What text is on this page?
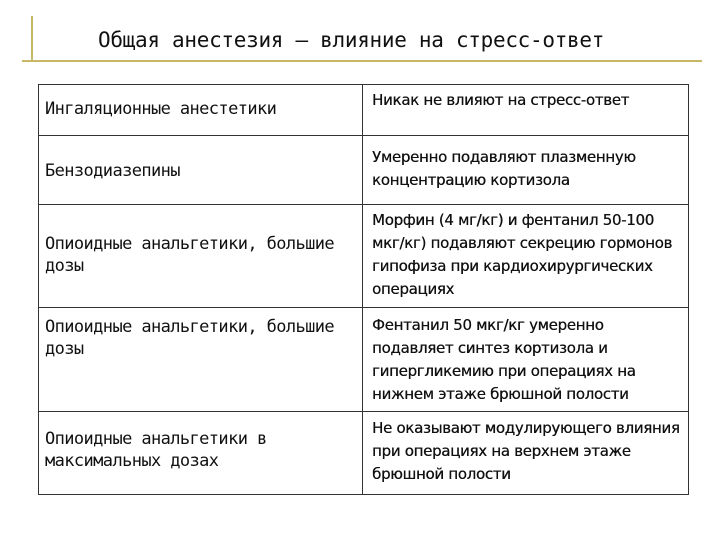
Общая анестезия – влияние на стресс-ответ
Ингаляционные анестетики	Никак не влияют на стресс-ответ

Бензодиазепины	Умеренно подавляют плазменную концентрацию кортизола

Опиоидные анальгетики, большие дозы	Морфин (4 мг/кг) и фентанил 50-100 мкг/кг) подавляют секрецию гормонов гипофиза при кардиохирургических операциях

Опиоидные анальгетики, большие дозы	Фентанил 50 мкг/кг умеренно подавляет синтез кортизола и гипергликемию при операциях на нижнем этаже брюшной полости

Опиоидные анальгетики в максимальных дозах	Не оказывают модулирующего влияния при операциях на верхнем этаже брюшной полости
